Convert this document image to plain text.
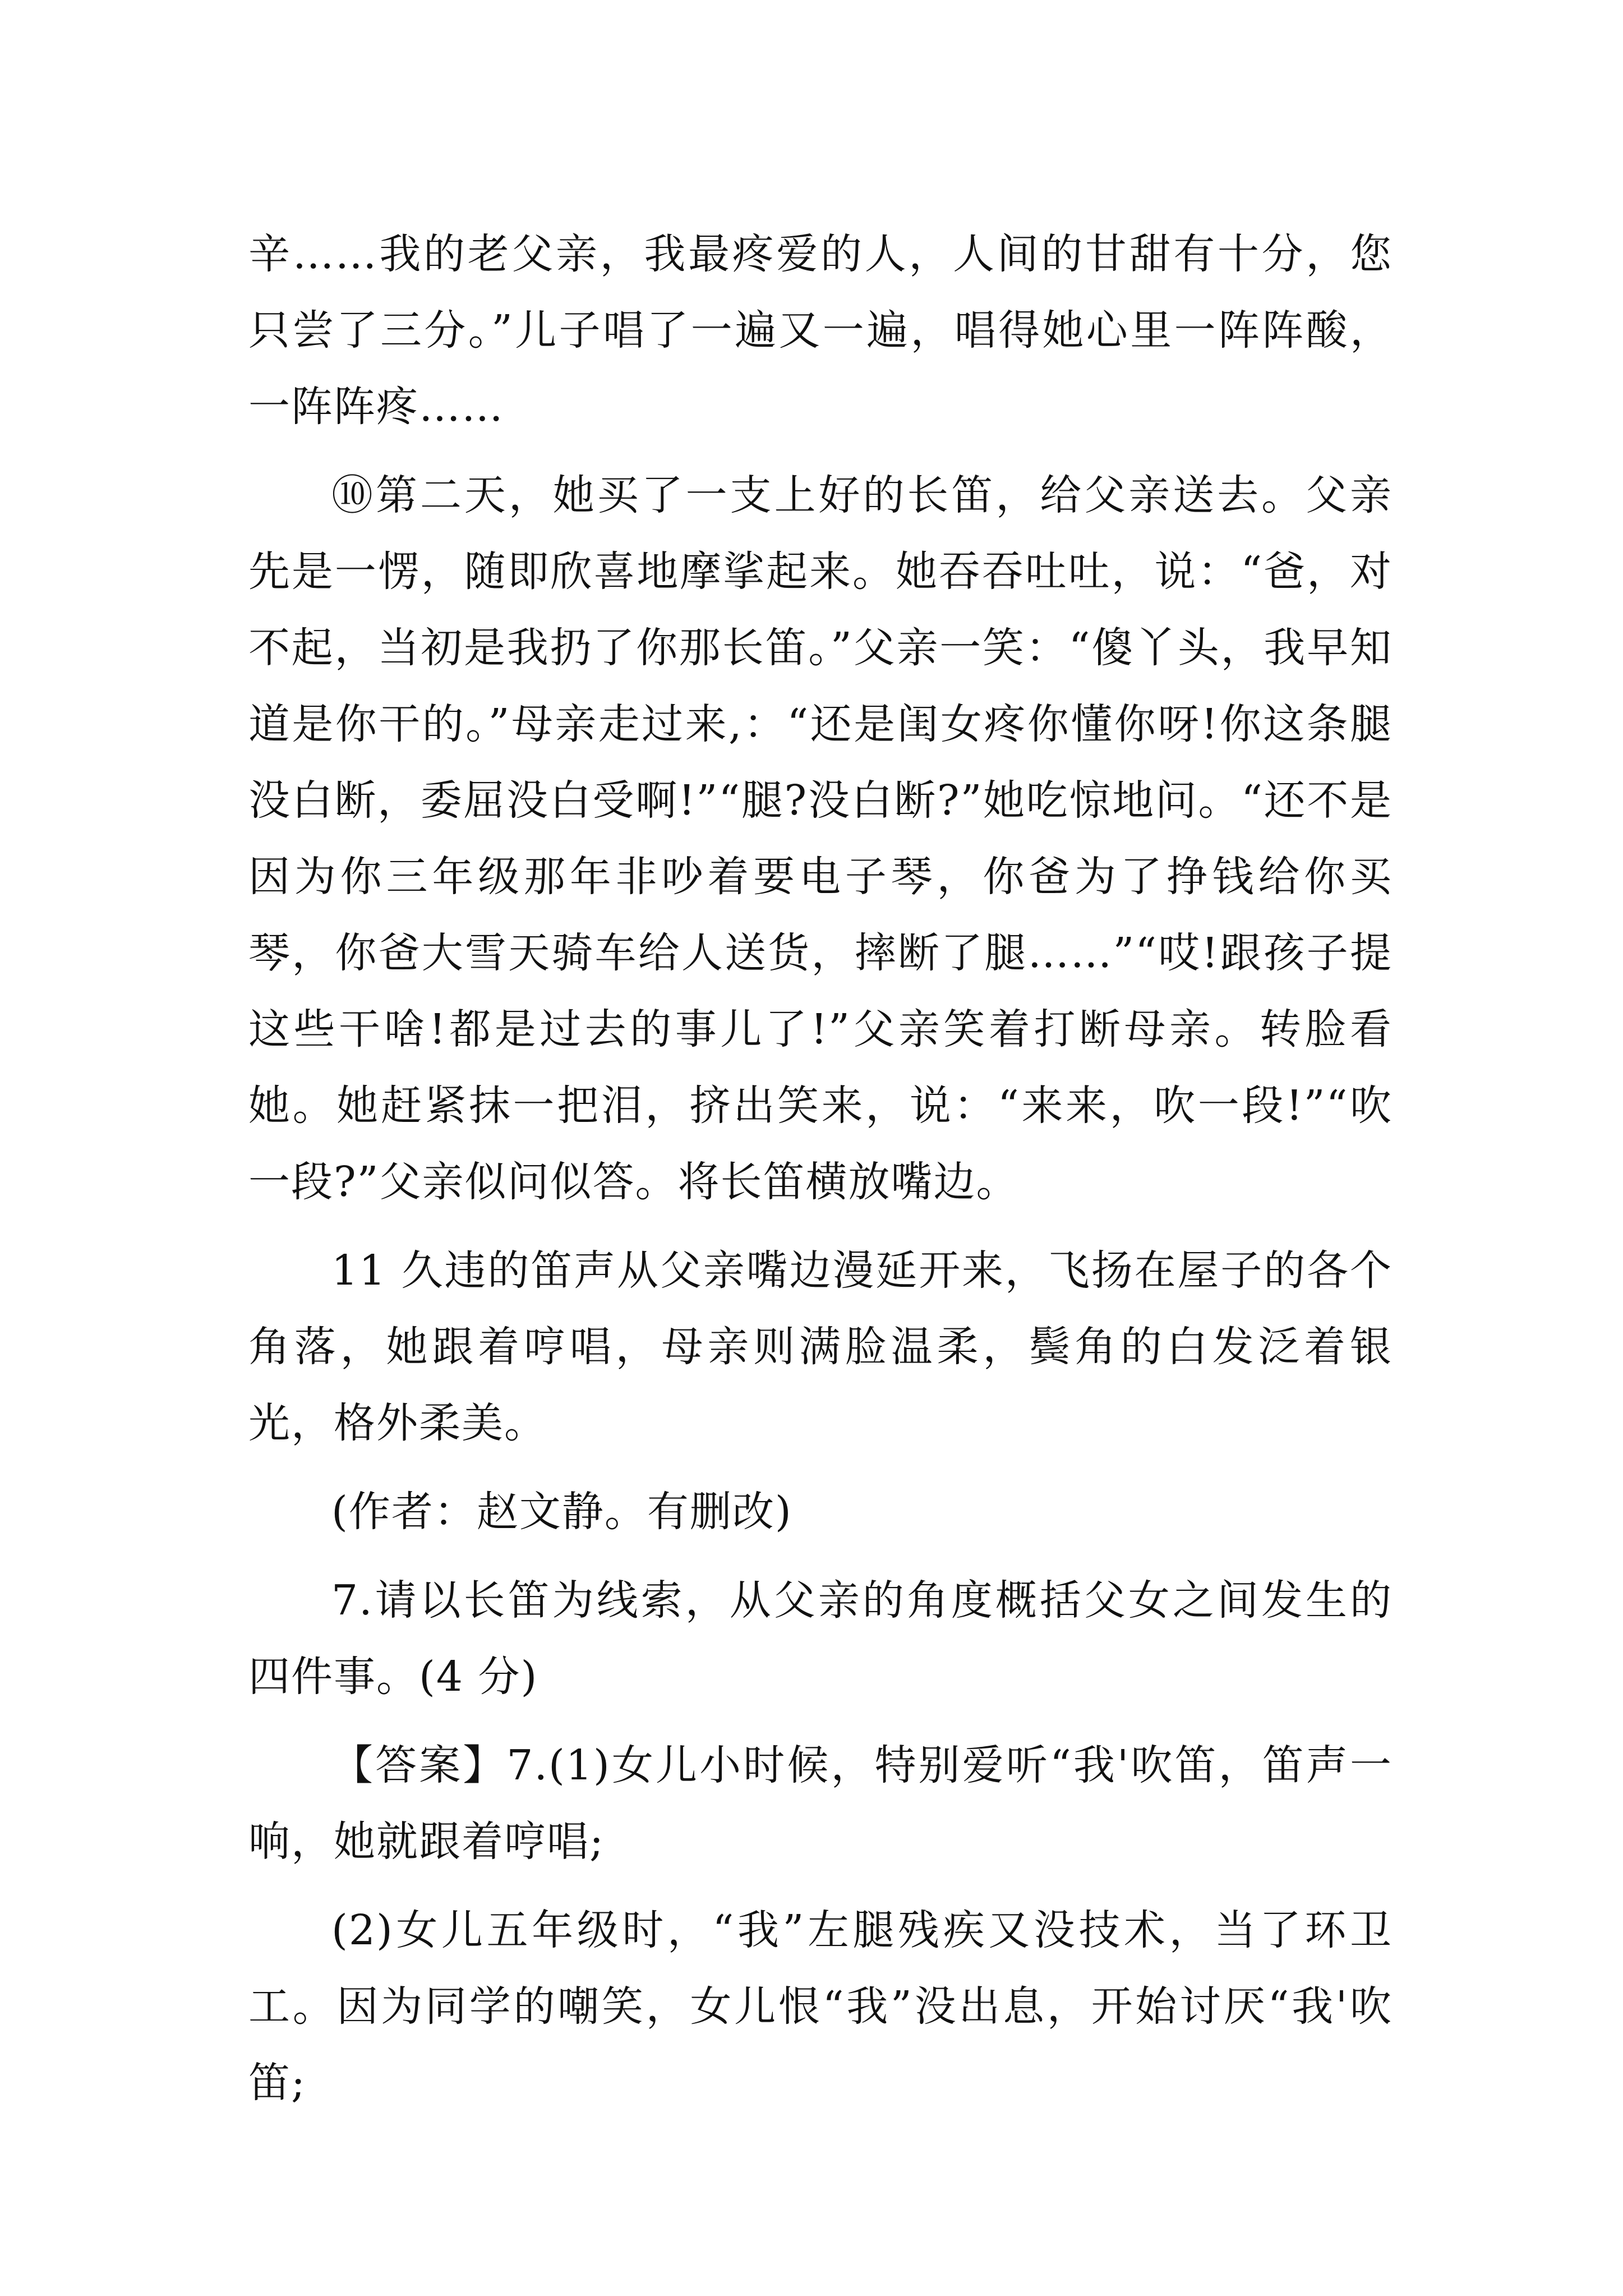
辛……我的老父亲，我最疼爱的人，人间的甘甜有十分，您只尝了三分。”儿子唱了一遍又一遍，唱得她心里一阵阵酸，一阵阵疼……

⑩第二天，她买了一支上好的长笛，给父亲送去。父亲先是一愣，随即欣喜地摩挲起来。她吞吞吐吐，说：“爸，对不起，当初是我扔了你那长笛。”父亲一笑：“傻丫头，我早知道是你干的。”母亲走过来,：“还是闺女疼你懂你呀!你这条腿没白断，委屈没白受啊!”“腿?没白断?”她吃惊地问。“还不是因为你三年级那年非吵着要电子琴，你爸为了挣钱给你买琴，你爸大雪天骑车给人送货，摔断了腿……”“哎!跟孩子提这些干啥!都是过去的事儿了!”父亲笑着打断母亲。转脸看她。她赶紧抹一把泪，挤出笑来，说：“来来，吹一段!”“吹一段?”父亲似问似答。将长笛横放嘴边。

11 久违的笛声从父亲嘴边漫延开来，飞扬在屋子的各个角落，她跟着哼唱，母亲则满脸温柔，鬓角的白发泛着银光，格外柔美。

(作者：赵文静。有删改)

7.请以长笛为线索，从父亲的角度概括父女之间发生的四件事。(4 分)

【答案】7.(1)女儿小时候，特别爱听“我'吹笛，笛声一响，她就跟着哼唱;

(2)女儿五年级时，“我”左腿残疾又没技术，当了环卫工。因为同学的嘲笑，女儿恨“我”没出息，开始讨厌“我'吹笛;
